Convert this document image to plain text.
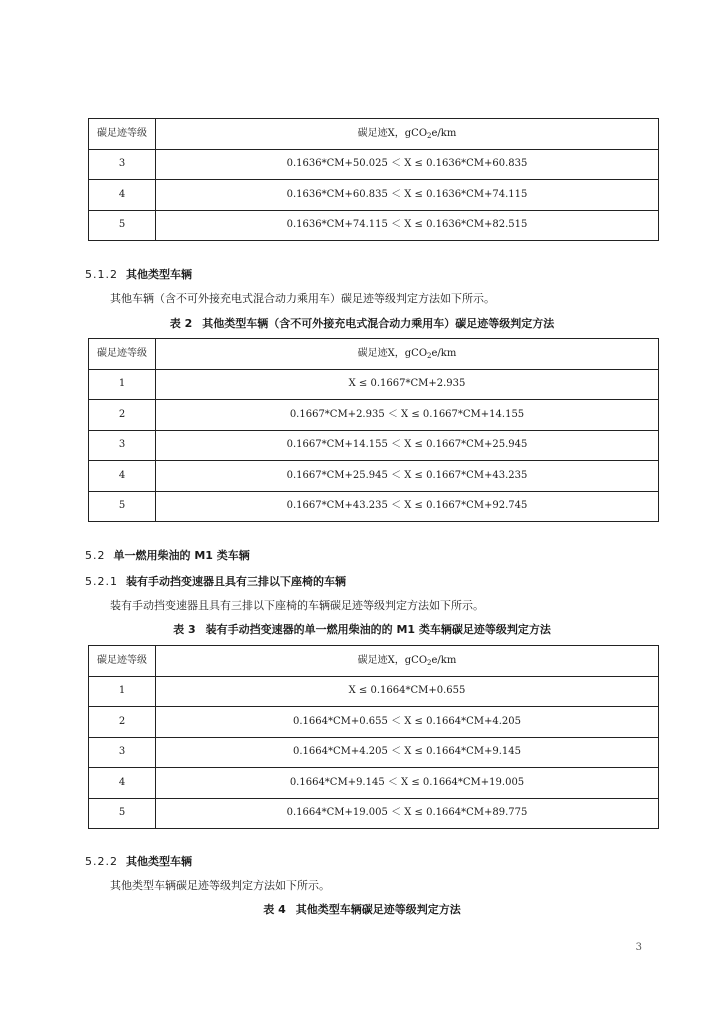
碳足迹等级	碳足迹X，gCO$_2$e/km
3	0.1636*CM+50.025 ＜ X ≤ 0.1636*CM+60.835
4	0.1636*CM+60.835 ＜ X ≤ 0.1636*CM+74.115
5	0.1636*CM+74.115 ＜ X ≤ 0.1636*CM+82.515
5.1.2 其他类型车辆
其他车辆（含不可外接充电式混合动力乘用车）碳足迹等级判定方法如下所示。
表 2 其他类型车辆（含不可外接充电式混合动力乘用车）碳足迹等级判定方法
碳足迹等级	碳足迹X，gCO$_2$e/km
1	X ≤ 0.1667*CM+2.935
2	0.1667*CM+2.935 ＜ X ≤ 0.1667*CM+14.155
3	0.1667*CM+14.155 ＜ X ≤ 0.1667*CM+25.945
4	0.1667*CM+25.945 ＜ X ≤ 0.1667*CM+43.235
5	0.1667*CM+43.235 ＜ X ≤ 0.1667*CM+92.745
5.2 单一燃用柴油的 M1 类车辆
5.2.1 装有手动挡变速器且具有三排以下座椅的车辆
装有手动挡变速器且具有三排以下座椅的车辆碳足迹等级判定方法如下所示。
表 3 装有手动挡变速器的单一燃用柴油的的 M1 类车辆碳足迹等级判定方法
碳足迹等级	碳足迹X，gCO$_2$e/km
1	X ≤ 0.1664*CM+0.655
2	0.1664*CM+0.655 ＜ X ≤ 0.1664*CM+4.205
3	0.1664*CM+4.205 ＜ X ≤ 0.1664*CM+9.145
4	0.1664*CM+9.145 ＜ X ≤ 0.1664*CM+19.005
5	0.1664*CM+19.005 ＜ X ≤ 0.1664*CM+89.775
5.2.2 其他类型车辆
其他类型车辆碳足迹等级判定方法如下所示。
表 4 其他类型车辆碳足迹等级判定方法
3
